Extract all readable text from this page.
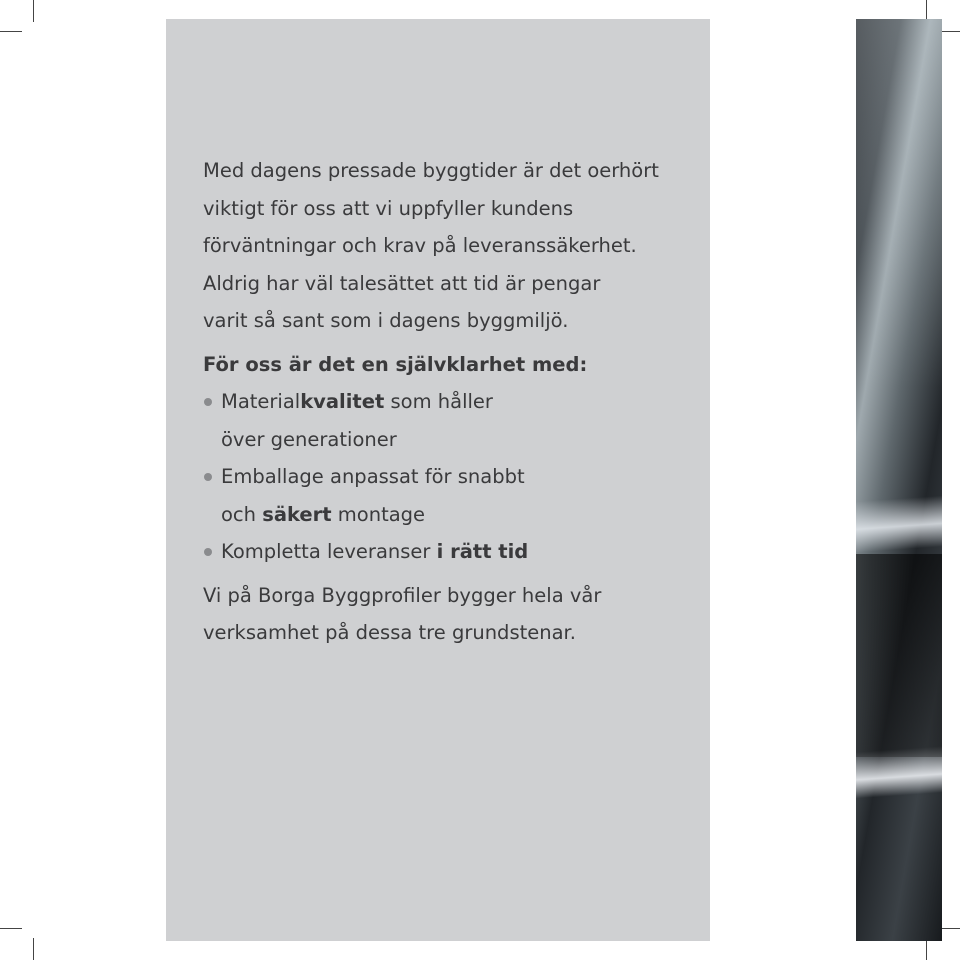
Med dagens pressade byggtider är det oerhört
viktigt för oss att vi uppfyller kundens
förväntningar och krav på leveranssäkerhet.
Aldrig har väl talesättet att tid är pengar
varit så sant som i dagens byggmiljö.

För oss är det en självklarhet med:

Materialkvalitet som håller
över generationer
Emballage anpassat för snabbt
och säkert montage
Kompletta leveranser i rätt tid

Vi på Borga Byggprofiler bygger hela vår
verksamhet på dessa tre grundstenar.
